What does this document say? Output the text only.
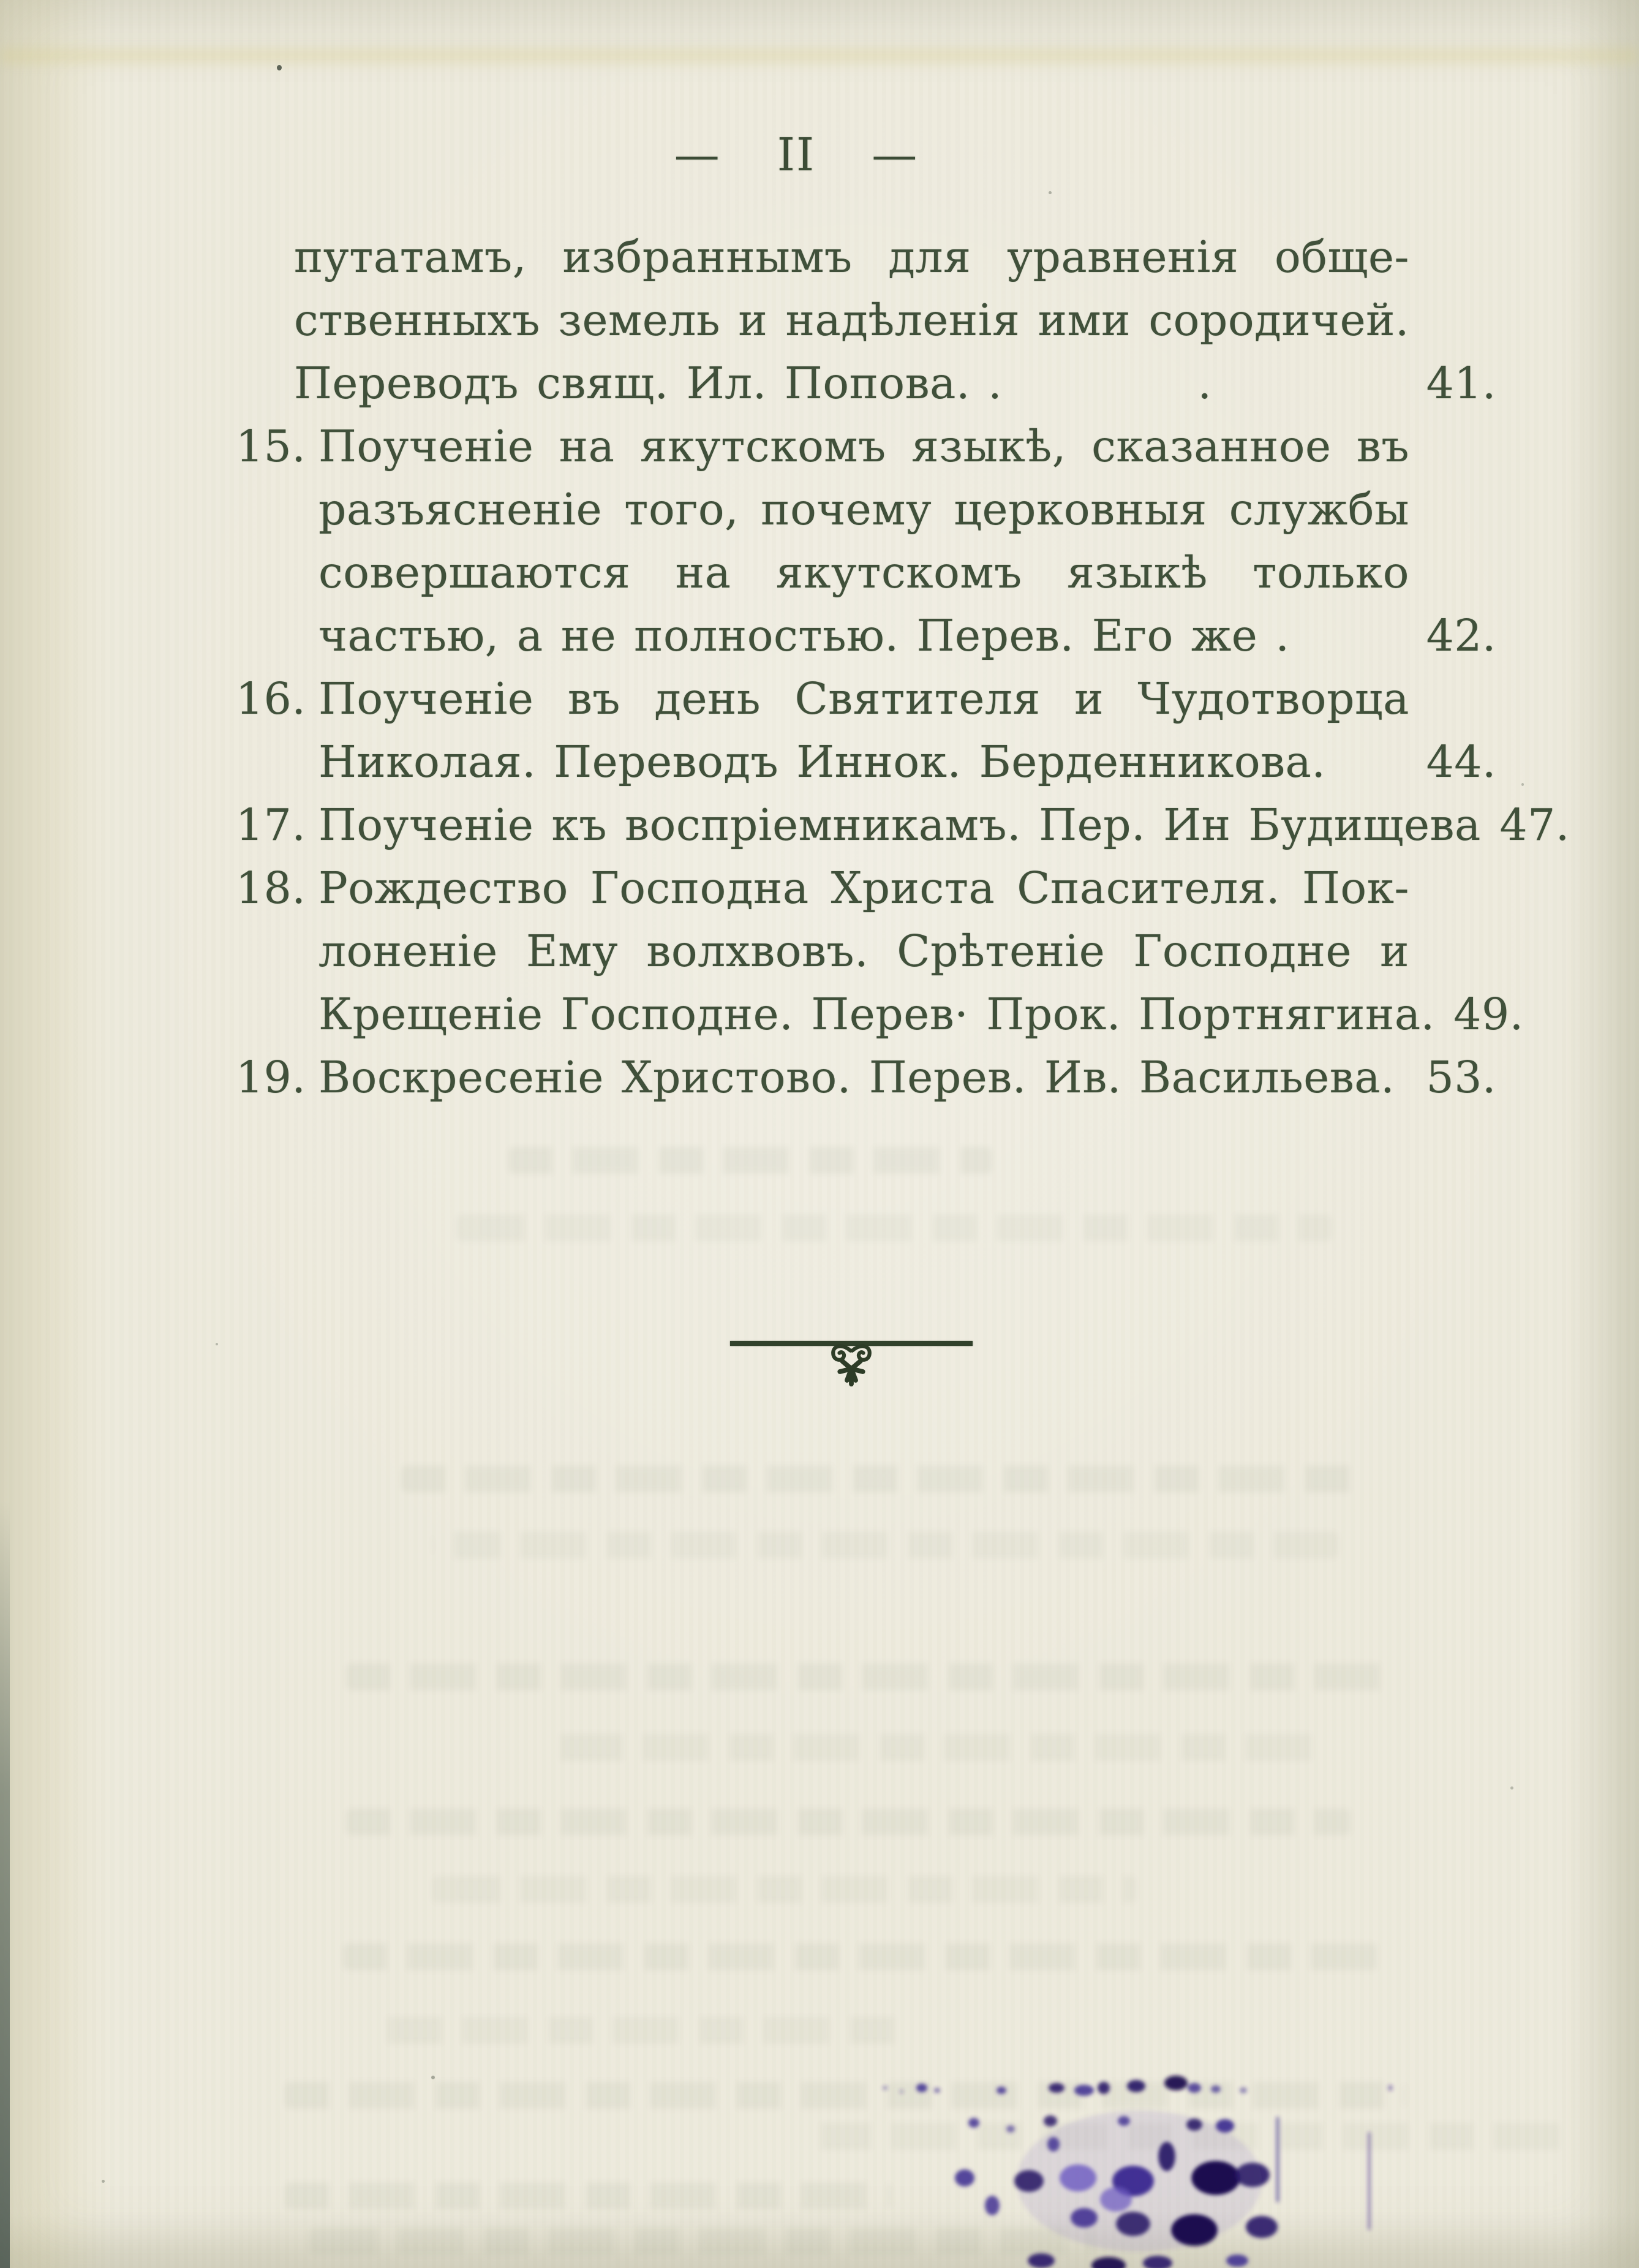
— II —
путатамъ, избраннымъ для уравненія обще-
ственныхъ земель и надѣленія ими сородичей.
Переводъ свящ. Ил. Попова. .	.	41.
15. Поученіе на якутскомъ языкѣ, сказанное въ
разъясненіе того, почему церковныя службы
совершаются на якутскомъ языкѣ только
частью, а не полностью. Перев. Его же .	42.
16. Поученіе въ день Святителя и Чудотворца
Николая. Переводъ Иннок. Берденникова.	44.
17. Поученіе къ воспріемникамъ. Пер. Ин Будищева 47.
18. Рождество Господна Христа Спасителя. Пок-
лоненіе Ему волхвовъ. Срѣтеніе Господне и
Крещеніе Господне. Перев· Прок. Портнягина. 49.
19. Воскресеніе Христово. Перев. Ив. Васильева. 53.
